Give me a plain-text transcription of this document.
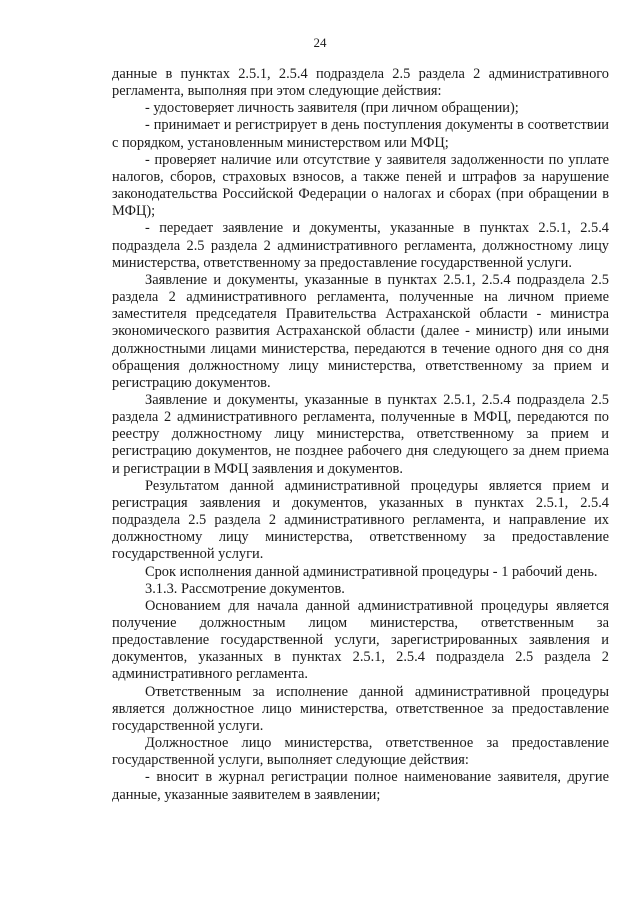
24

данные в пунктах 2.5.1, 2.5.4 подраздела 2.5 раздела 2 административного регламента, выполняя при этом следующие действия:

- удостоверяет личность заявителя (при личном обращении);

- принимает и регистрирует в день поступления документы в соответствии с порядком, установленным министерством или МФЦ;

- проверяет наличие или отсутствие у заявителя задолженности по уплате налогов, сборов, страховых взносов, а также пеней и штрафов за нарушение законодательства Российской Федерации о налогах и сборах (при обращении в МФЦ);

- передает заявление и документы, указанные в пунктах 2.5.1, 2.5.4 подраздела 2.5 раздела 2 административного регламента, должностному лицу министерства, ответственному за предоставление государственной услуги.

Заявление и документы, указанные в пунктах 2.5.1, 2.5.4 подраздела 2.5 раздела 2 административного регламента, полученные на личном приеме заместителя председателя Правительства Астраханской области - министра экономического развития Астраханской области (далее - министр) или иными должностными лицами министерства, передаются в течение одного дня со дня обращения должностному лицу министерства, ответственному за прием и регистрацию документов.

Заявление и документы, указанные в пунктах 2.5.1, 2.5.4 подраздела 2.5 раздела 2 административного регламента, полученные в МФЦ, передаются по реестру должностному лицу министерства, ответственному за прием и регистрацию документов, не позднее рабочего дня следующего за днем приема и регистрации в МФЦ заявления и документов.

Результатом данной административной процедуры является прием и регистрация заявления и документов, указанных в пунктах 2.5.1, 2.5.4 подраздела 2.5 раздела 2 административного регламента, и направление их должностному лицу министерства, ответственному за предоставление государственной услуги.

Срок исполнения данной административной процедуры - 1 рабочий день.

3.1.3. Рассмотрение документов.

Основанием для начала данной административной процедуры является получение должностным лицом министерства, ответственным за предоставление государственной услуги, зарегистрированных заявления и документов, указанных в пунктах 2.5.1, 2.5.4 подраздела 2.5 раздела 2 административного регламента.

Ответственным за исполнение данной административной процедуры является должностное лицо министерства, ответственное за предоставление государственной услуги.

Должностное лицо министерства, ответственное за предоставление государственной услуги, выполняет следующие действия:

- вносит в журнал регистрации полное наименование заявителя, другие данные, указанные заявителем в заявлении;
